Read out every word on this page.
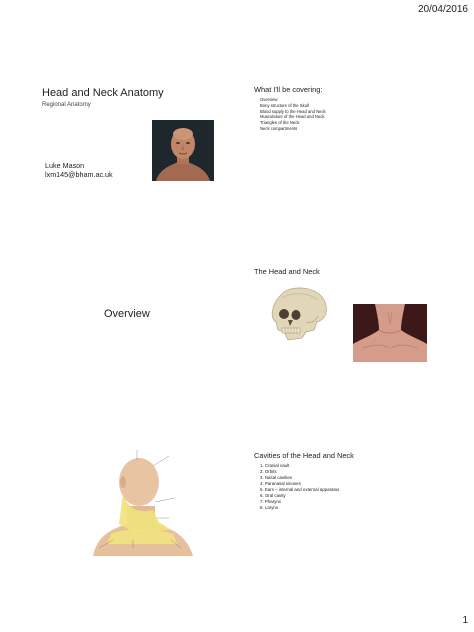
20/04/2016
Head and Neck Anatomy
Regional Anatomy
Luke Mason
lxm145@bham.ac.uk
What I'll be covering:
Overview
Bony structure of the Skull
Blood supply to the Head and Neck
Musculature of the Head and Neck
Triangles of the Neck
Neck compartments
Overview
The Head and Neck
Cavities of the Head and Neck
1. Cranial vault
2. Orbits
3. Nasal cavities
4. Paranasal sinuses
5. Ears – internal and external apparatus
6. Oral cavity
7. Pharynx
8. Larynx
1
